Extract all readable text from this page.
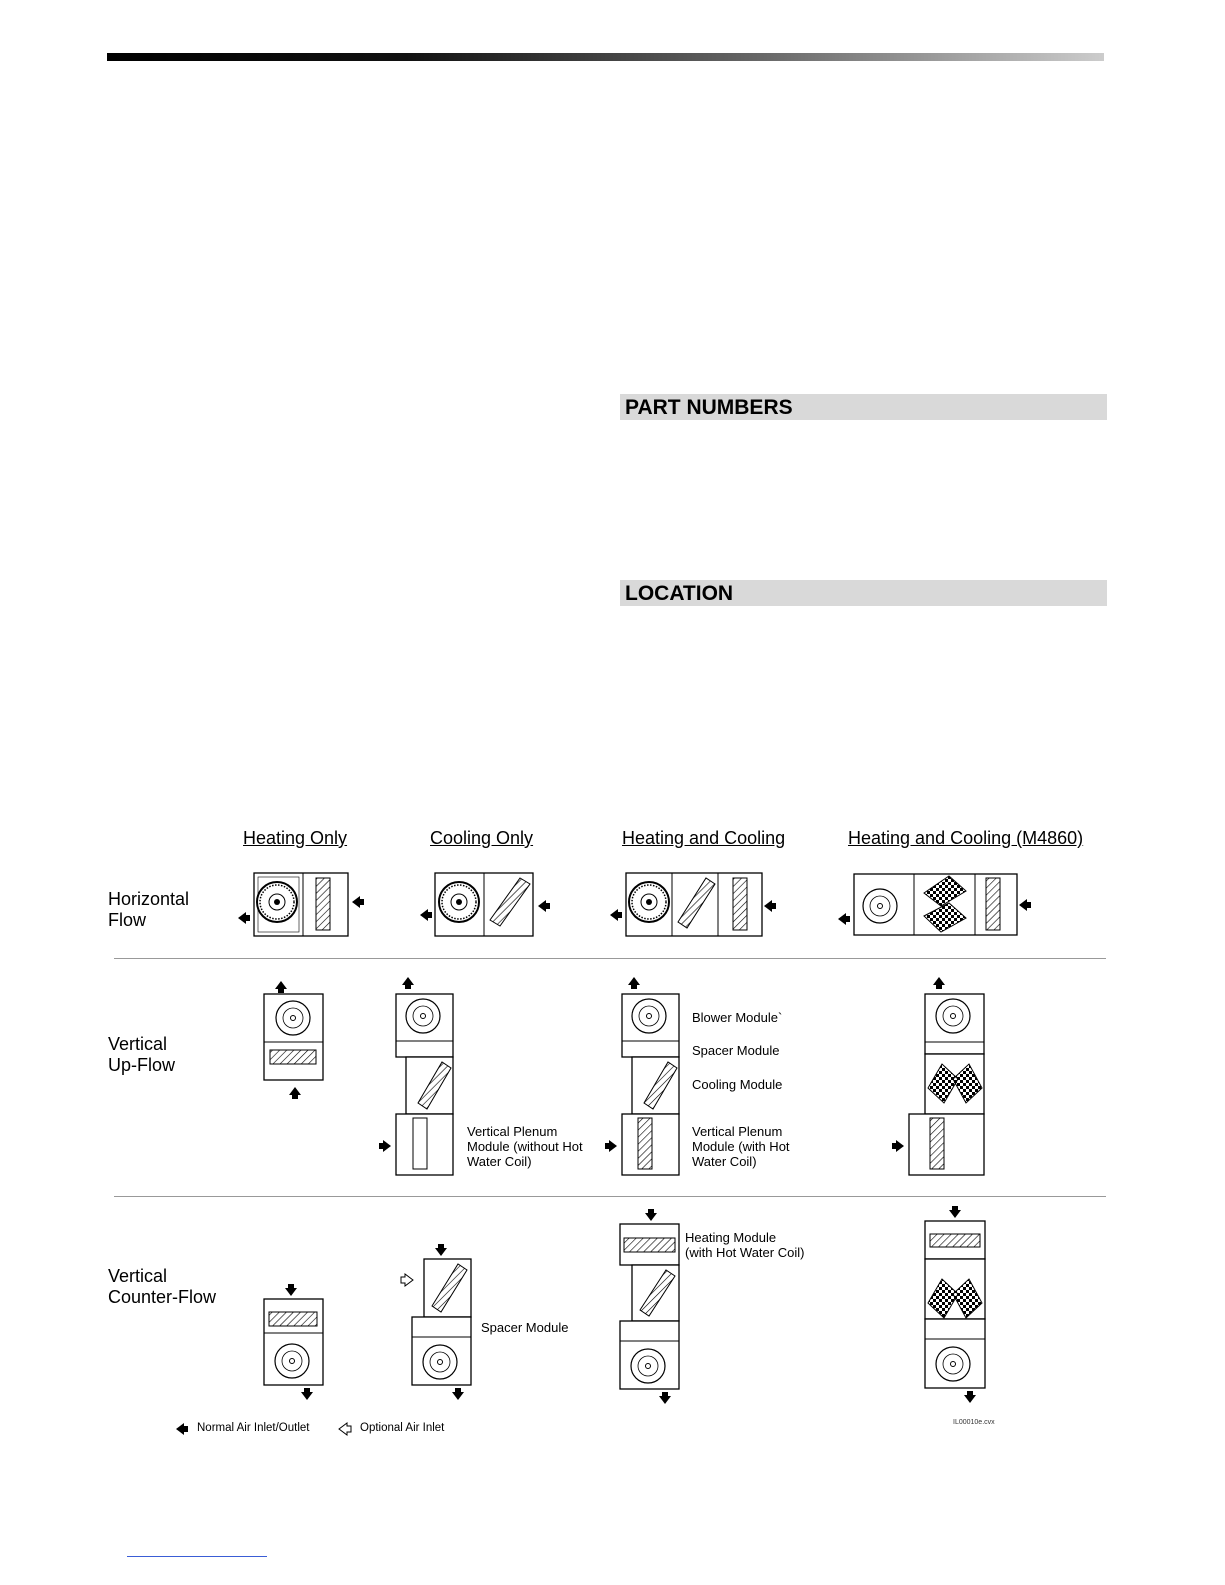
PART NUMBERS
LOCATION
Heating Only	Cooling Only	Heating and Cooling	Heating and Cooling (M4860)
Horizontal
Flow
Vertical
Up-Flow
Vertical
Counter-Flow
Blower Module`
Spacer Module
Cooling Module
Vertical Plenum
Module (without Hot
Water Coil)
Vertical Plenum
Module (with Hot
Water Coil)
Spacer Module
Heating Module
(with Hot Water Coil)
Normal Air Inlet/Outlet	Optional Air Inlet	IL00010e.cvx
